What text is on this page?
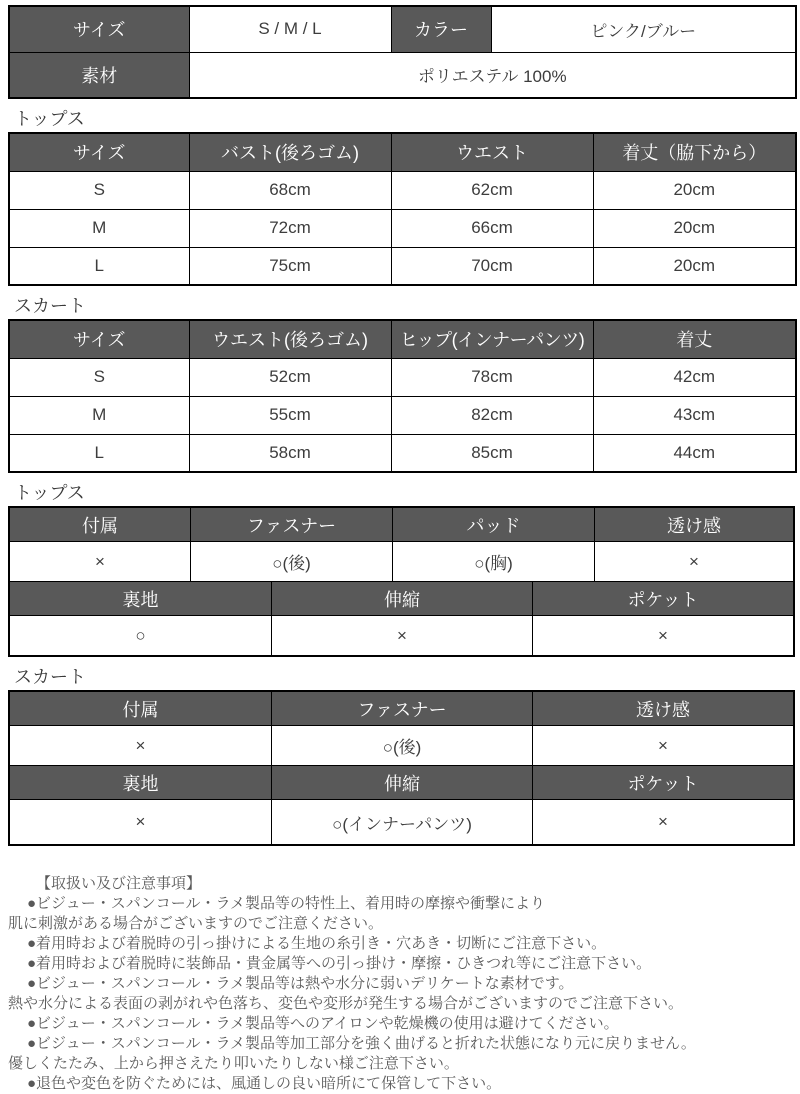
サイズ	S / M / L	カラー	ピンク/ブルー
素材	ポリエステル 100%		
トップス
サイズ	バスト(後ろゴム)	ウエスト	着丈（脇下から）
S	68cm	62cm	20cm
M	72cm	66cm	20cm
L	75cm	70cm	20cm
スカート
サイズ	ウエスト(後ろゴム)	ヒップ(インナーパンツ)	着丈
S	52cm	78cm	42cm
M	55cm	82cm	43cm
L	58cm	85cm	44cm
トップス
付属	ファスナー	パッド	透け感
×	○(後)	○(胸)	×
裏地	伸縮	ポケット
○	×	×
スカート
付属	ファスナー	透け感
×	○(後)	×
裏地	伸縮	ポケット
×	○(インナーパンツ)	×
【取扱い及び注意事項】
●ビジュー・スパンコール・ラメ製品等の特性上、着用時の摩擦や衝撃により
肌に刺激がある場合がございますのでご注意ください。
●着用時および着脱時の引っ掛けによる生地の糸引き・穴あき・切断にご注意下さい。
●着用時および着脱時に装飾品・貴金属等への引っ掛け・摩擦・ひきつれ等にご注意下さい。
●ビジュー・スパンコール・ラメ製品等は熱や水分に弱いデリケートな素材です。
熱や水分による表面の剥がれや色落ち、変色や変形が発生する場合がございますのでご注意下さい。
●ビジュー・スパンコール・ラメ製品等へのアイロンや乾燥機の使用は避けてください。
●ビジュー・スパンコール・ラメ製品等加工部分を強く曲げると折れた状態になり元に戻りません。
優しくたたみ、上から押さえたり叩いたりしない様ご注意下さい。
●退色や変色を防ぐためには、風通しの良い暗所にて保管して下さい。
